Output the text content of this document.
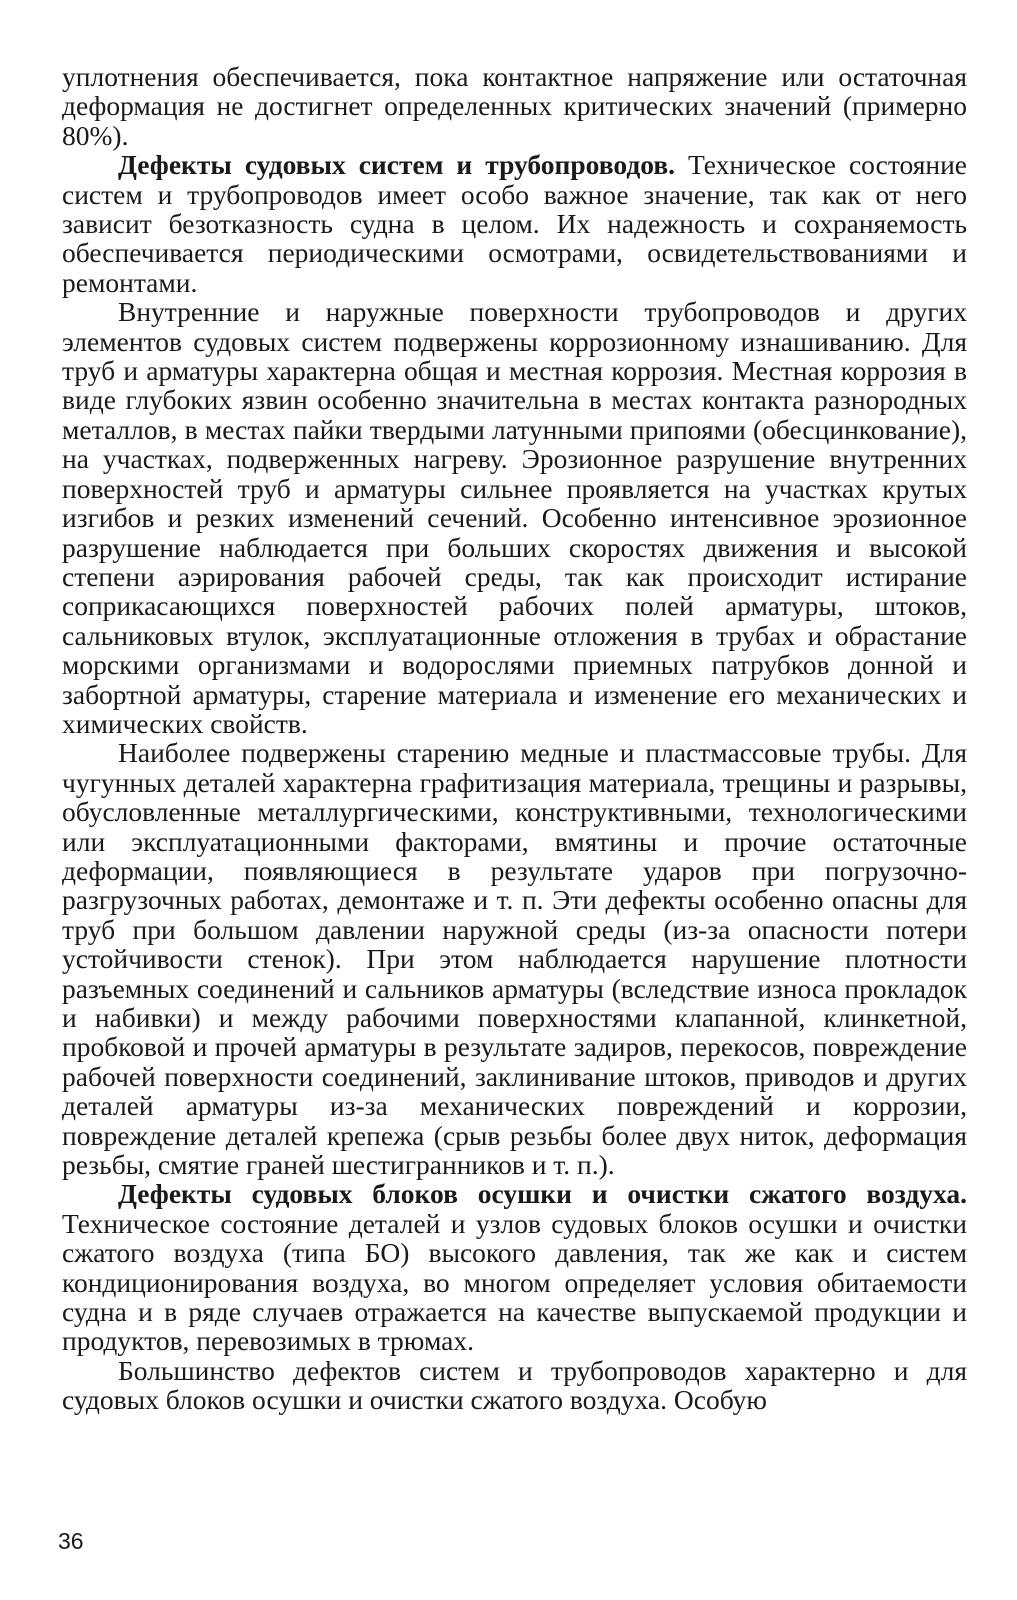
уплотнения обеспечивается, пока контактное напряжение или остаточная деформация не достигнет определенных критических значений (примерно 80%).

Дефекты судовых систем и трубопроводов. Техническое состояние систем и трубопроводов имеет особо важное значение, так как от него зависит безотказность судна в целом. Их надежность и сохраняемость обеспечивается периодическими осмотрами, освидетельствованиями и ремонтами.

Внутренние и наружные поверхности трубопроводов и других элементов судовых систем подвержены коррозионному изнашиванию. Для труб и арматуры характерна общая и местная коррозия. Местная коррозия в виде глубоких язвин особенно значительна в местах контакта разнородных металлов, в местах пайки твердыми латунными припоями (обесцинкование), на участках, подверженных нагреву. Эрозионное разрушение внутренних поверхностей труб и арматуры сильнее проявляется на участках крутых изгибов и резких изменений сечений. Особенно интенсивное эрозионное разрушение наблюдается при больших скоростях движения и высокой степени аэрирования рабочей среды, так как происходит истирание соприкасающихся поверхностей рабочих полей арматуры, штоков, сальниковых втулок, эксплуатационные отложения в трубах и обрастание морскими организмами и водорослями приемных патрубков донной и забортной арматуры, старение материала и изменение его механических и химических свойств.

Наиболее подвержены старению медные и пластмассовые трубы. Для чугунных деталей характерна графитизация материала, трещины и разрывы, обусловленные металлургическими, конструктивными, технологическими или эксплуатационными факторами, вмятины и прочие остаточные деформации, появляющиеся в результате ударов при погрузочно-разгрузочных работах, демонтаже и т. п. Эти дефекты особенно опасны для труб при большом давлении наружной среды (из-за опасности потери устойчивости стенок). При этом наблюдается нарушение плотности разъемных соединений и сальников арматуры (вследствие износа прокладок и набивки) и между рабочими поверхностями клапанной, клинкетной, пробковой и прочей арматуры в результате задиров, перекосов, повреждение рабочей поверхности соединений, заклинивание штоков, приводов и других деталей арматуры из-за механических повреждений и коррозии, повреждение деталей крепежа (срыв резьбы более двух ниток, деформация резьбы, смятие граней шестигранников и т. п.).

Дефекты судовых блоков осушки и очистки сжатого воздуха. Техническое состояние деталей и узлов судовых блоков осушки и очистки сжатого воздуха (типа БО) высокого давления, так же как и систем кондиционирования воздуха, во многом определяет условия обитаемости судна и в ряде случаев отражается на качестве выпускаемой продукции и продуктов, перевозимых в трюмах.

Большинство дефектов систем и трубопроводов характерно и для судовых блоков осушки и очистки сжатого воздуха. Особую

36
